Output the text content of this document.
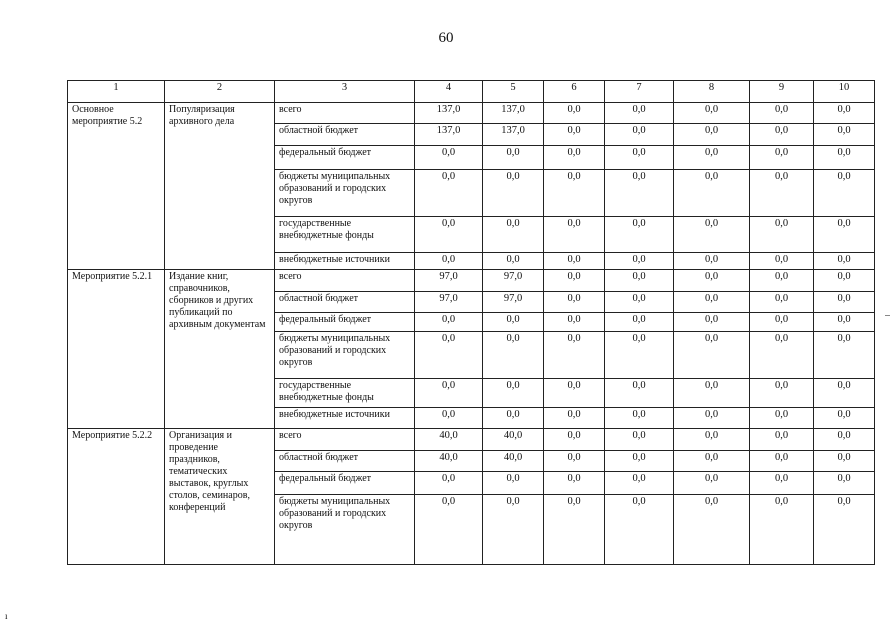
60
1	2	3	4	5	6	7	8	9	10
Основное мероприятие 5.2	Популяризация архивного дела	всего	137,0	137,0	0,0	0,0	0,0	0,0	0,0
		областной бюджет	137,0	137,0	0,0	0,0	0,0	0,0	0,0
		федеральный бюджет	0,0	0,0	0,0	0,0	0,0	0,0	0,0
		бюджеты муниципальных образований и городских округов	0,0	0,0	0,0	0,0	0,0	0,0	0,0
		государственные внебюджетные фонды	0,0	0,0	0,0	0,0	0,0	0,0	0,0
		внебюджетные источники	0,0	0,0	0,0	0,0	0,0	0,0	0,0
Мероприятие 5.2.1	Издание книг, справочников, сборников и других публикаций по архивным документам	всего	97,0	97,0	0,0	0,0	0,0	0,0	0,0
		областной бюджет	97,0	97,0	0,0	0,0	0,0	0,0	0,0
		федеральный бюджет	0,0	0,0	0,0	0,0	0,0	0,0	0,0
		бюджеты муниципальных образований и городских округов	0,0	0,0	0,0	0,0	0,0	0,0	0,0
		государственные внебюджетные фонды	0,0	0,0	0,0	0,0	0,0	0,0	0,0
		внебюджетные источники	0,0	0,0	0,0	0,0	0,0	0,0	0,0
Мероприятие 5.2.2	Организация и проведение праздников, тематических выставок, круглых столов, семинаров, конференций	всего	40,0	40,0	0,0	0,0	0,0	0,0	0,0
		областной бюджет	40,0	40,0	0,0	0,0	0,0	0,0	0,0
		федеральный бюджет	0,0	0,0	0,0	0,0	0,0	0,0	0,0
		бюджеты муниципальных образований и городских округов	0,0	0,0	0,0	0,0	0,0	0,0	0,0
ı
